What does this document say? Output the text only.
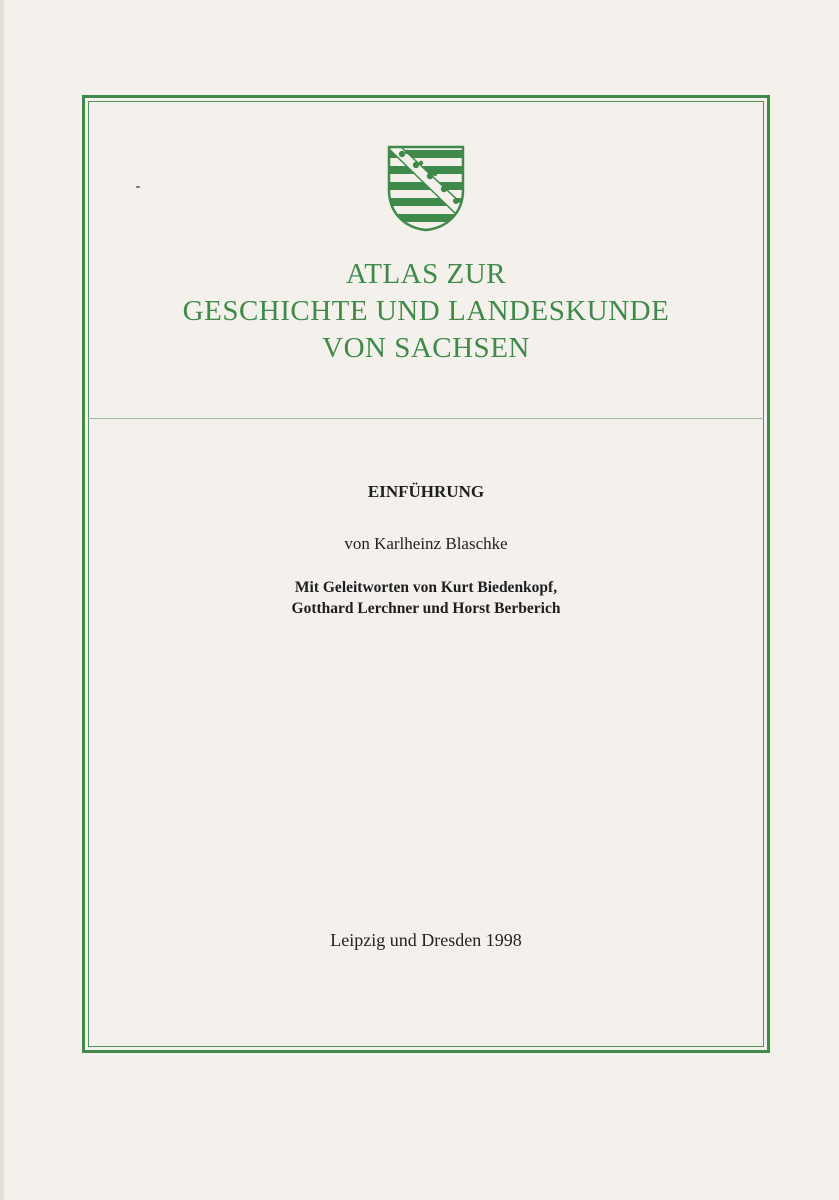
ATLAS ZUR
GESCHICHTE UND LANDESKUNDE
VON SACHSEN
EINFÜHRUNG
von Karlheinz Blaschke
Mit Geleitworten von Kurt Biedenkopf,
Gotthard Lerchner und Horst Berberich
Leipzig und Dresden 1998
